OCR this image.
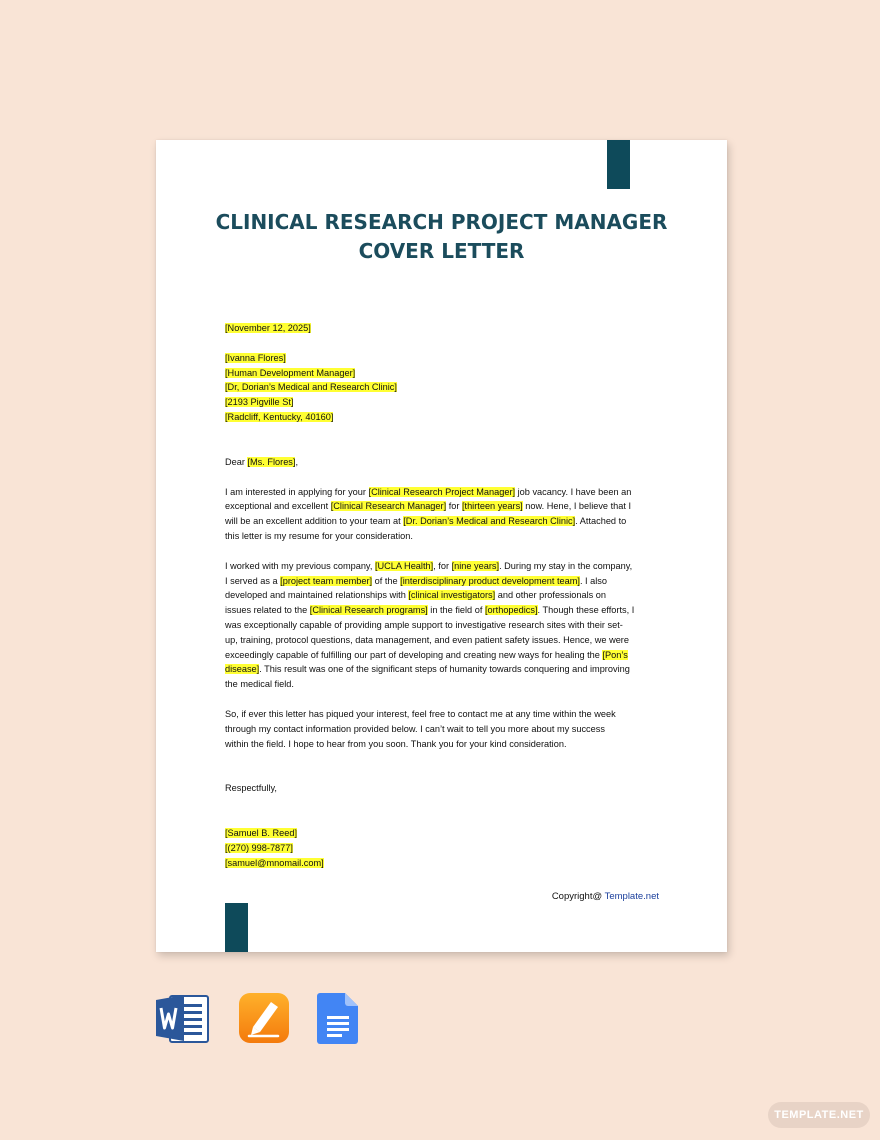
CLINICAL RESEARCH PROJECT MANAGER
COVER LETTER
[November 12, 2025]
[Ivanna Flores]
[Human Development Manager]
[Dr, Dorian’s Medical and Research Clinic]
[2193 Pigville St]
[Radcliff, Kentucky, 40160]
Dear [Ms. Flores],
I am interested in applying for your [Clinical Research Project Manager] job vacancy. I have been an
exceptional and excellent [Clinical Research Manager] for [thirteen years] now. Hene, I believe that I
will be an excellent addition to your team at [Dr. Dorian’s Medical and Research Clinic]. Attached to
this letter is my resume for your consideration.
I worked with my previous company, [UCLA Health], for [nine years]. During my stay in the company,
I served as a [project team member] of the [interdisciplinary product development team]. I also
developed and maintained relationships with [clinical investigators] and other professionals on
issues related to the [Clinical Research programs] in the field of [orthopedics]. Though these efforts, I
was exceptionally capable of providing ample support to investigative research sites with their set-
up, training, protocol questions, data management, and even patient safety issues. Hence, we were
exceedingly capable of fulfilling our part of developing and creating new ways for healing the [Pon’s
disease]. This result was one of the significant steps of humanity towards conquering and improving
the medical field.
So, if ever this letter has piqued your interest, feel free to contact me at any time within the week
through my contact information provided below. I can’t wait to tell you more about my success
within the field. I hope to hear from you soon. Thank you for your kind consideration.
Respectfully,
[Samuel B. Reed]
[(270) 998-7877]
[samuel@mnomail.com]
Copyright@ Template.net
TEMPLATE.NET
